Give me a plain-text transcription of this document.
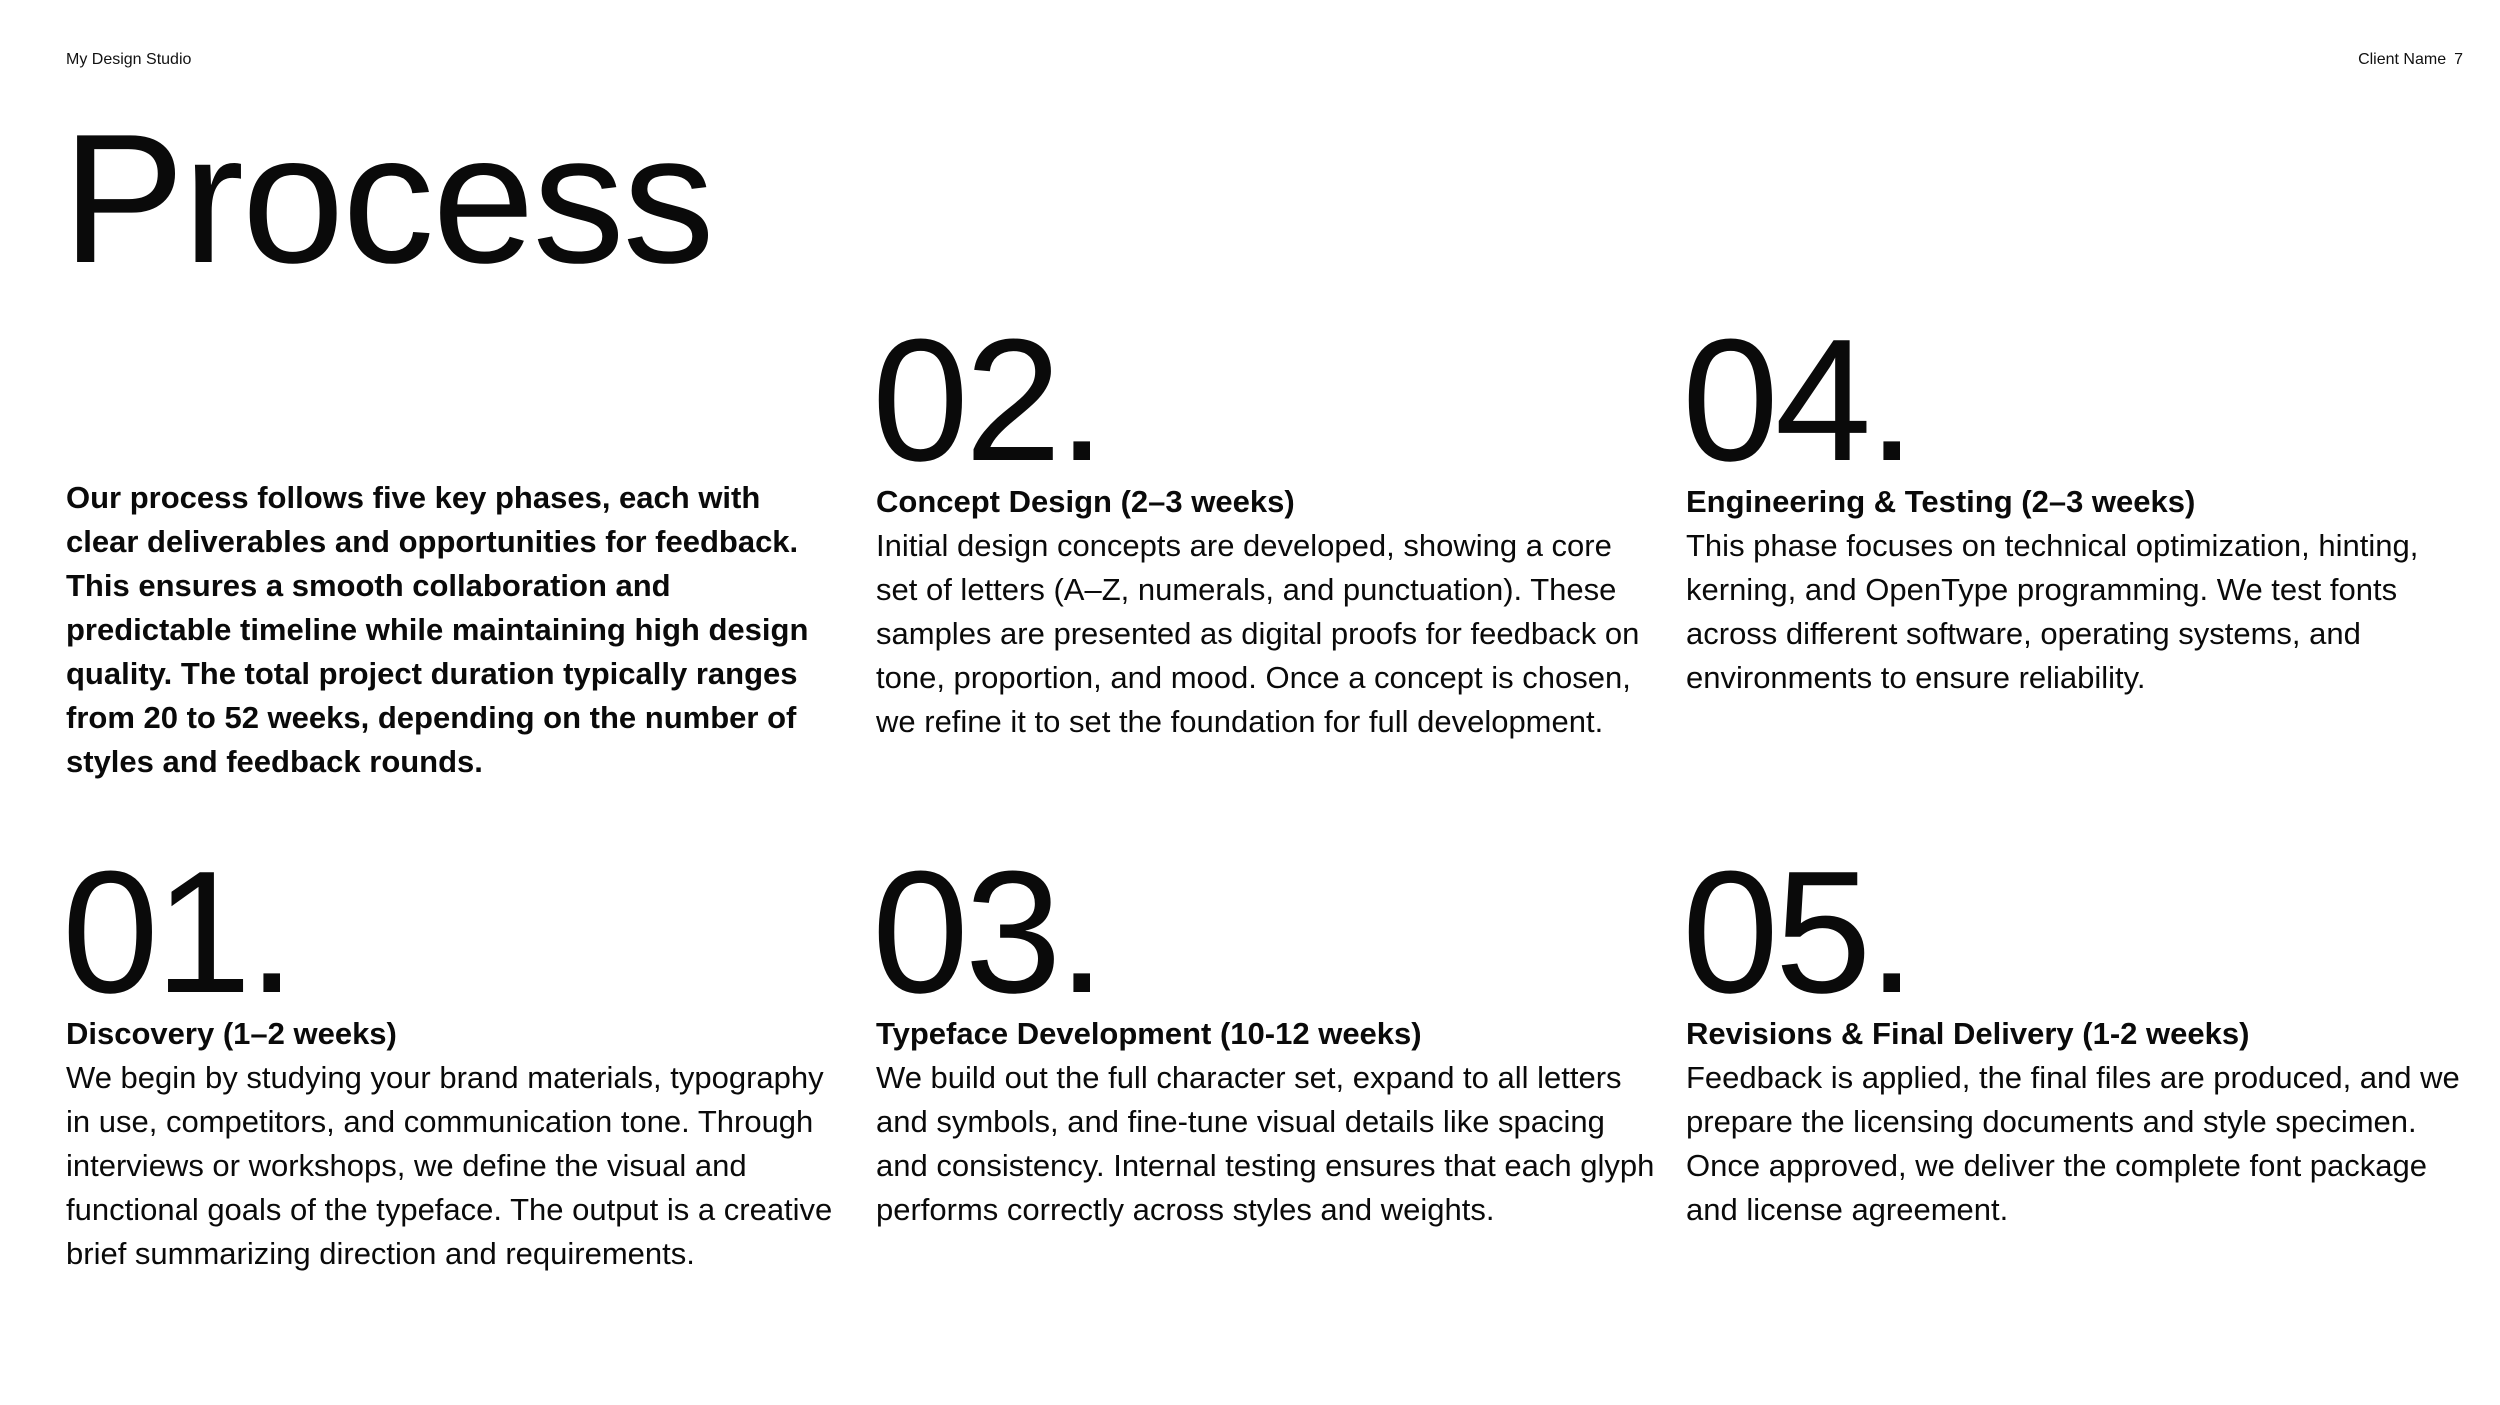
My Design Studio	Client Name 7
Process

Our process follows five key phases, each with clear deliverables and opportunities for feedback. This ensures a smooth collaboration and predictable timeline while maintaining high design quality. The total project duration typically ranges from 20 to 52 weeks, depending on the number of styles and feedback rounds.

01.
Discovery (1–2 weeks)

We begin by studying your brand materials, typography in use, competitors, and communication tone. Through interviews or workshops, we define the visual and functional goals of the typeface. The output is a creative brief summarizing direction and requirements.

02.
Concept Design (2–3 weeks)

Initial design concepts are developed, showing a core set of letters (A–Z, numerals, and punctuation). These samples are presented as digital proofs for feedback on tone, proportion, and mood. Once a concept is chosen, we refine it to set the foundation for full development.

03.
Typeface Development (10-12 weeks)

We build out the full character set, expand to all letters and symbols, and fine-tune visual details like spacing and consistency. Internal testing ensures that each glyph performs correctly across styles and weights.

04.
Engineering & Testing (2–3 weeks)

This phase focuses on technical optimization, hinting, kerning, and OpenType programming. We test fonts across different software, operating systems, and environments to ensure reliability.

05.
Revisions & Final Delivery (1-2 weeks)

Feedback is applied, the final files are produced, and we prepare the licensing documents and style specimen. Once approved, we deliver the complete font package and license agreement.
